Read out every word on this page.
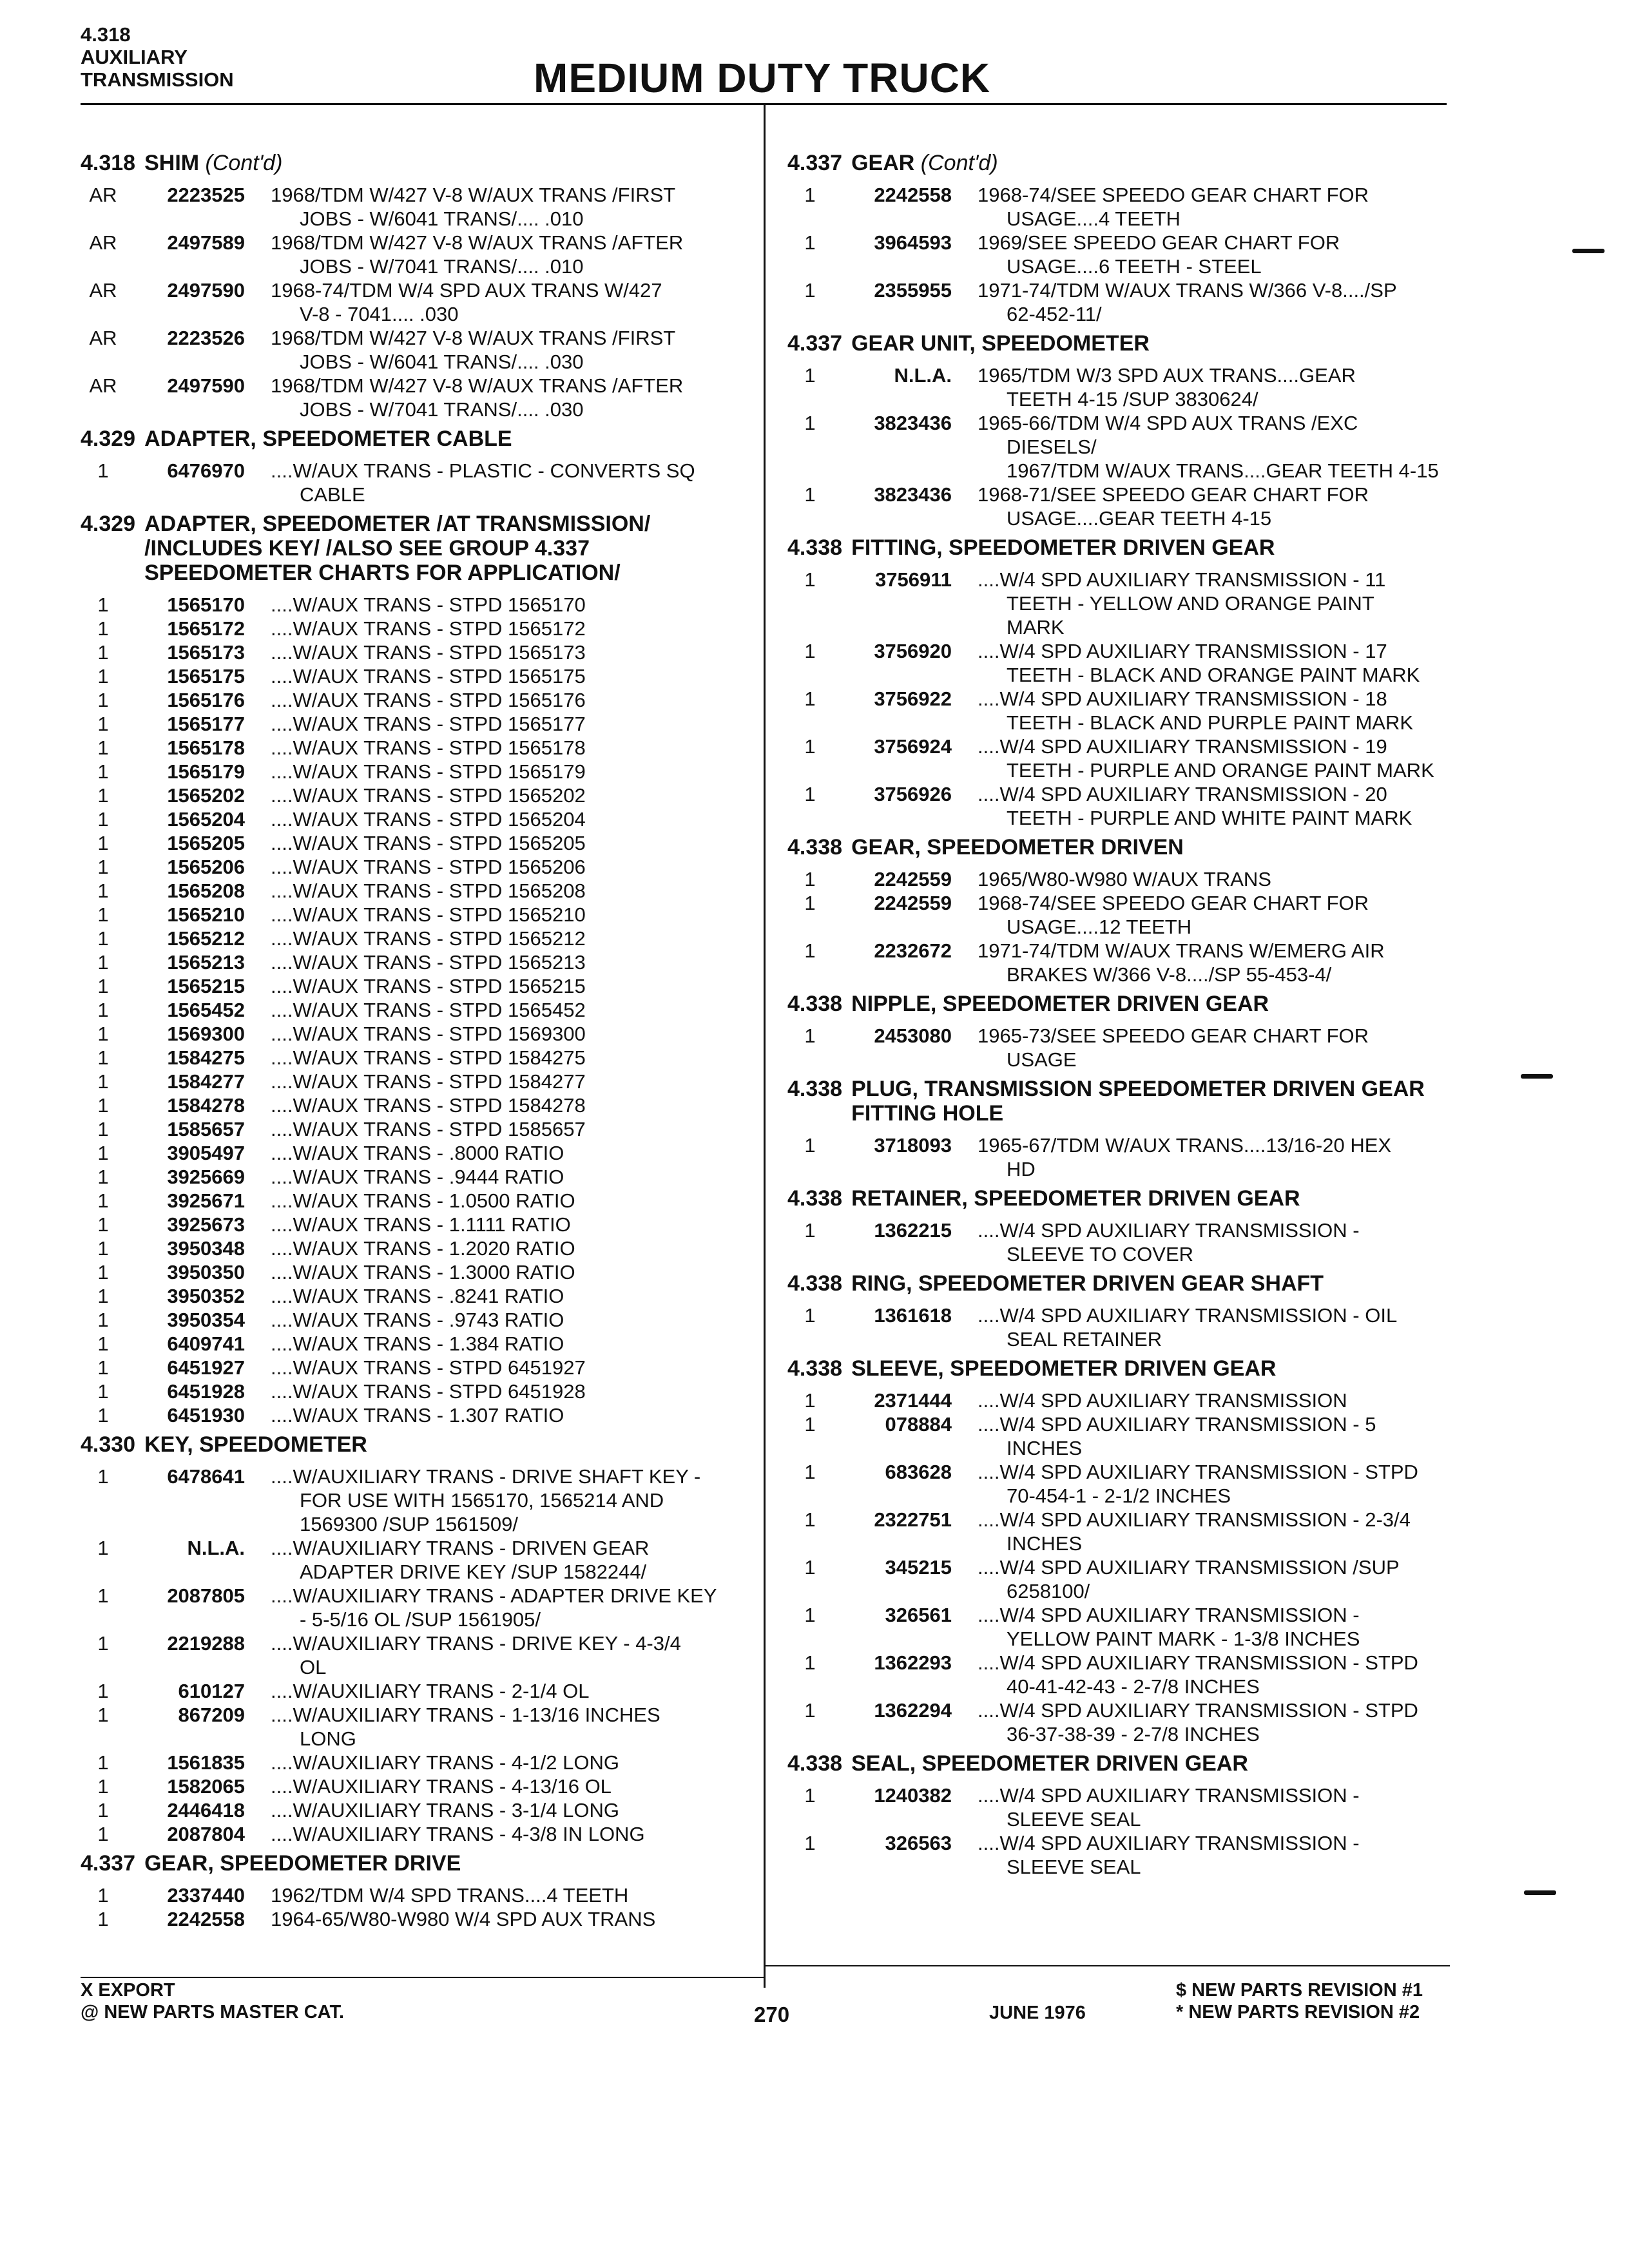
4.318
AUXILIARY
TRANSMISSION	MEDIUM DUTY TRUCK
4.318 SHIM (Cont'd)
AR	2223525	1968/TDM W/427 V-8 W/AUX TRANS /FIRST
JOBS - W/6041 TRANS/.... .010
AR	2497589	1968/TDM W/427 V-8 W/AUX TRANS /AFTER
JOBS - W/7041 TRANS/.... .010
AR	2497590	1968-74/TDM W/4 SPD AUX TRANS W/427
V-8 - 7041.... .030
AR	2223526	1968/TDM W/427 V-8 W/AUX TRANS /FIRST
JOBS - W/6041 TRANS/.... .030
AR	2497590	1968/TDM W/427 V-8 W/AUX TRANS /AFTER
JOBS - W/7041 TRANS/.... .030
4.329 ADAPTER, SPEEDOMETER CABLE
1	6476970	....W/AUX TRANS - PLASTIC - CONVERTS SQ
CABLE
4.329 ADAPTER, SPEEDOMETER /AT TRANSMISSION/ /INCLUDES KEY/ /ALSO SEE GROUP 4.337 SPEEDOMETER CHARTS FOR APPLICATION/
1	1565170	....W/AUX TRANS - STPD 1565170
1	1565172	....W/AUX TRANS - STPD 1565172
1	1565173	....W/AUX TRANS - STPD 1565173
1	1565175	....W/AUX TRANS - STPD 1565175
1	1565176	....W/AUX TRANS - STPD 1565176
1	1565177	....W/AUX TRANS - STPD 1565177
1	1565178	....W/AUX TRANS - STPD 1565178
1	1565179	....W/AUX TRANS - STPD 1565179
1	1565202	....W/AUX TRANS - STPD 1565202
1	1565204	....W/AUX TRANS - STPD 1565204
1	1565205	....W/AUX TRANS - STPD 1565205
1	1565206	....W/AUX TRANS - STPD 1565206
1	1565208	....W/AUX TRANS - STPD 1565208
1	1565210	....W/AUX TRANS - STPD 1565210
1	1565212	....W/AUX TRANS - STPD 1565212
1	1565213	....W/AUX TRANS - STPD 1565213
1	1565215	....W/AUX TRANS - STPD 1565215
1	1565452	....W/AUX TRANS - STPD 1565452
1	1569300	....W/AUX TRANS - STPD 1569300
1	1584275	....W/AUX TRANS - STPD 1584275
1	1584277	....W/AUX TRANS - STPD 1584277
1	1584278	....W/AUX TRANS - STPD 1584278
1	1585657	....W/AUX TRANS - STPD 1585657
1	3905497	....W/AUX TRANS - .8000 RATIO
1	3925669	....W/AUX TRANS - .9444 RATIO
1	3925671	....W/AUX TRANS - 1.0500 RATIO
1	3925673	....W/AUX TRANS - 1.1111 RATIO
1	3950348	....W/AUX TRANS - 1.2020 RATIO
1	3950350	....W/AUX TRANS - 1.3000 RATIO
1	3950352	....W/AUX TRANS - .8241 RATIO
1	3950354	....W/AUX TRANS - .9743 RATIO
1	6409741	....W/AUX TRANS - 1.384 RATIO
1	6451927	....W/AUX TRANS - STPD 6451927
1	6451928	....W/AUX TRANS - STPD 6451928
1	6451930	....W/AUX TRANS - 1.307 RATIO
4.330 KEY, SPEEDOMETER
1	6478641	....W/AUXILIARY TRANS - DRIVE SHAFT KEY -
FOR USE WITH 1565170, 1565214 AND
1569300 /SUP 1561509/
1	N.L.A.	....W/AUXILIARY TRANS - DRIVEN GEAR
ADAPTER DRIVE KEY /SUP 1582244/
1	2087805	....W/AUXILIARY TRANS - ADAPTER DRIVE KEY
- 5-5/16 OL /SUP 1561905/
1	2219288	....W/AUXILIARY TRANS - DRIVE KEY - 4-3/4
OL
1	610127	....W/AUXILIARY TRANS - 2-1/4 OL
1	867209	....W/AUXILIARY TRANS - 1-13/16 INCHES
LONG
1	1561835	....W/AUXILIARY TRANS - 4-1/2 LONG
1	1582065	....W/AUXILIARY TRANS - 4-13/16 OL
1	2446418	....W/AUXILIARY TRANS - 3-1/4 LONG
1	2087804	....W/AUXILIARY TRANS - 4-3/8 IN LONG
4.337 GEAR, SPEEDOMETER DRIVE
1	2337440	1962/TDM W/4 SPD TRANS....4 TEETH
1	2242558	1964-65/W80-W980 W/4 SPD AUX TRANS
4.337 GEAR (Cont'd)
1	2242558	1968-74/SEE SPEEDO GEAR CHART FOR
USAGE....4 TEETH
1	3964593	1969/SEE SPEEDO GEAR CHART FOR
USAGE....6 TEETH - STEEL
1	2355955	1971-74/TDM W/AUX TRANS W/366 V-8..../SP
62-452-11/
4.337 GEAR UNIT, SPEEDOMETER
1	N.L.A.	1965/TDM W/3 SPD AUX TRANS....GEAR
TEETH 4-15 /SUP 3830624/
1	3823436	1965-66/TDM W/4 SPD AUX TRANS /EXC
DIESELS/
1967/TDM W/AUX TRANS....GEAR TEETH 4-15
1	3823436	1968-71/SEE SPEEDO GEAR CHART FOR
USAGE....GEAR TEETH 4-15
4.338 FITTING, SPEEDOMETER DRIVEN GEAR
1	3756911	....W/4 SPD AUXILIARY TRANSMISSION - 11
TEETH - YELLOW AND ORANGE PAINT
MARK
1	3756920	....W/4 SPD AUXILIARY TRANSMISSION - 17
TEETH - BLACK AND ORANGE PAINT MARK
1	3756922	....W/4 SPD AUXILIARY TRANSMISSION - 18
TEETH - BLACK AND PURPLE PAINT MARK
1	3756924	....W/4 SPD AUXILIARY TRANSMISSION - 19
TEETH - PURPLE AND ORANGE PAINT MARK
1	3756926	....W/4 SPD AUXILIARY TRANSMISSION - 20
TEETH - PURPLE AND WHITE PAINT MARK
4.338 GEAR, SPEEDOMETER DRIVEN
1	2242559	1965/W80-W980 W/AUX TRANS
1	2242559	1968-74/SEE SPEEDO GEAR CHART FOR
USAGE....12 TEETH
1	2232672	1971-74/TDM W/AUX TRANS W/EMERG AIR
BRAKES W/366 V-8..../SP 55-453-4/
4.338 NIPPLE, SPEEDOMETER DRIVEN GEAR
1	2453080	1965-73/SEE SPEEDO GEAR CHART FOR
USAGE
4.338 PLUG, TRANSMISSION SPEEDOMETER DRIVEN GEAR FITTING HOLE
1	3718093	1965-67/TDM W/AUX TRANS....13/16-20 HEX
HD
4.338 RETAINER, SPEEDOMETER DRIVEN GEAR
1	1362215	....W/4 SPD AUXILIARY TRANSMISSION -
SLEEVE TO COVER
4.338 RING, SPEEDOMETER DRIVEN GEAR SHAFT
1	1361618	....W/4 SPD AUXILIARY TRANSMISSION - OIL
SEAL RETAINER
4.338 SLEEVE, SPEEDOMETER DRIVEN GEAR
1	2371444	....W/4 SPD AUXILIARY TRANSMISSION
1	078884	....W/4 SPD AUXILIARY TRANSMISSION - 5
INCHES
1	683628	....W/4 SPD AUXILIARY TRANSMISSION - STPD
70-454-1 - 2-1/2 INCHES
1	2322751	....W/4 SPD AUXILIARY TRANSMISSION - 2-3/4
INCHES
1	345215	....W/4 SPD AUXILIARY TRANSMISSION /SUP
6258100/
1	326561	....W/4 SPD AUXILIARY TRANSMISSION -
YELLOW PAINT MARK - 1-3/8 INCHES
1	1362293	....W/4 SPD AUXILIARY TRANSMISSION - STPD
40-41-42-43 - 2-7/8 INCHES
1	1362294	....W/4 SPD AUXILIARY TRANSMISSION - STPD
36-37-38-39 - 2-7/8 INCHES
4.338 SEAL, SPEEDOMETER DRIVEN GEAR
1	1240382	....W/4 SPD AUXILIARY TRANSMISSION -
SLEEVE SEAL
1	326563	....W/4 SPD AUXILIARY TRANSMISSION -
SLEEVE SEAL
X EXPORT
@ NEW PARTS MASTER CAT.	270	JUNE 1976
$ NEW PARTS REVISION #1
* NEW PARTS REVISION #2
